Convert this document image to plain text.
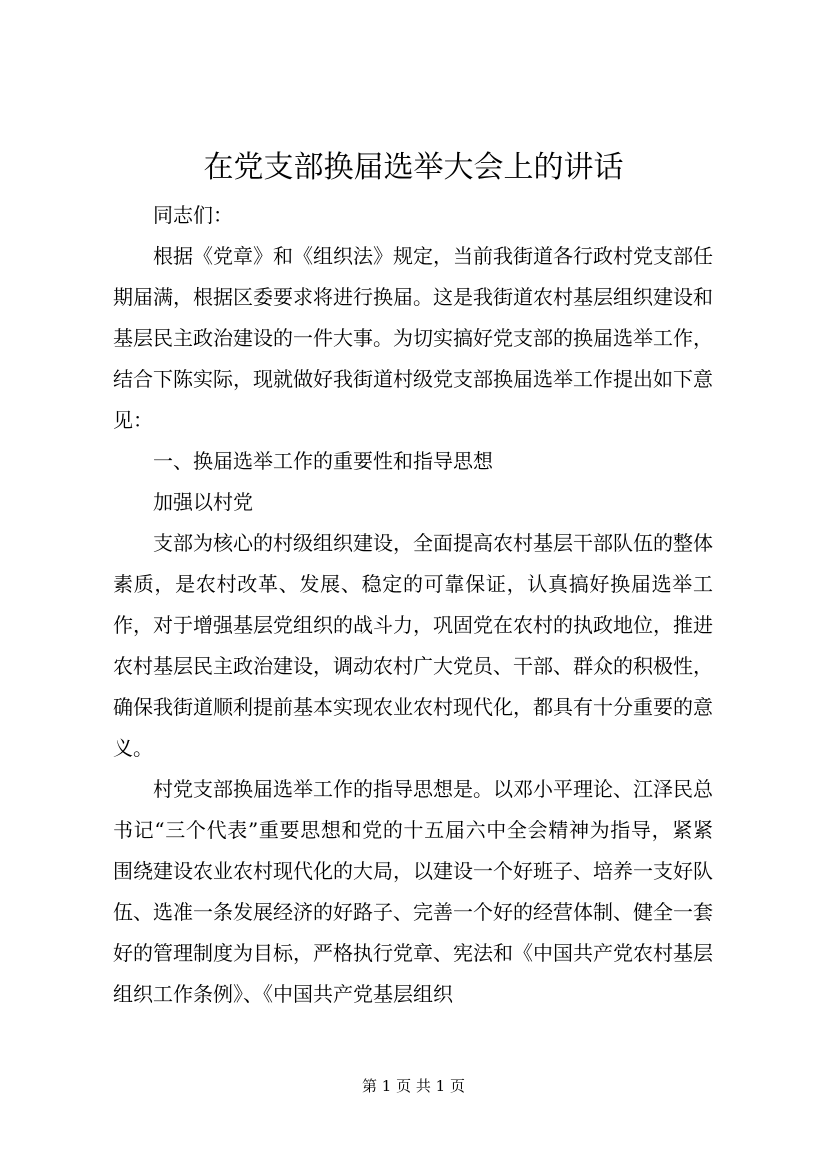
在党支部换届选举大会上的讲话

同志们：

根据《党章》和《组织法》规定，当前我街道各行政村党支部任期届满，根据区委要求将进行换届。这是我街道农村基层组织建设和基层民主政治建设的一件大事。为切实搞好党支部的换届选举工作，结合下陈实际，现就做好我街道村级党支部换届选举工作提出如下意见：

一、换届选举工作的重要性和指导思想

加强以村党

支部为核心的村级组织建设，全面提高农村基层干部队伍的整体素质，是农村改革、发展、稳定的可靠保证，认真搞好换届选举工作，对于增强基层党组织的战斗力，巩固党在农村的执政地位，推进农村基层民主政治建设，调动农村广大党员、干部、群众的积极性，确保我街道顺利提前基本实现农业农村现代化，都具有十分重要的意义。

村党支部换届选举工作的指导思想是。以邓小平理论、江泽民总书记“三个代表”重要思想和党的十五届六中全会精神为指导，紧紧围绕建设农业农村现代化的大局，以建设一个好班子、培养一支好队伍、选准一条发展经济的好路子、完善一个好的经营体制、健全一套好的管理制度为目标，严格执行党章、宪法和《中国共产党农村基层组织工作条例》、《中国共产党基层组织

第 1 页 共 1 页
